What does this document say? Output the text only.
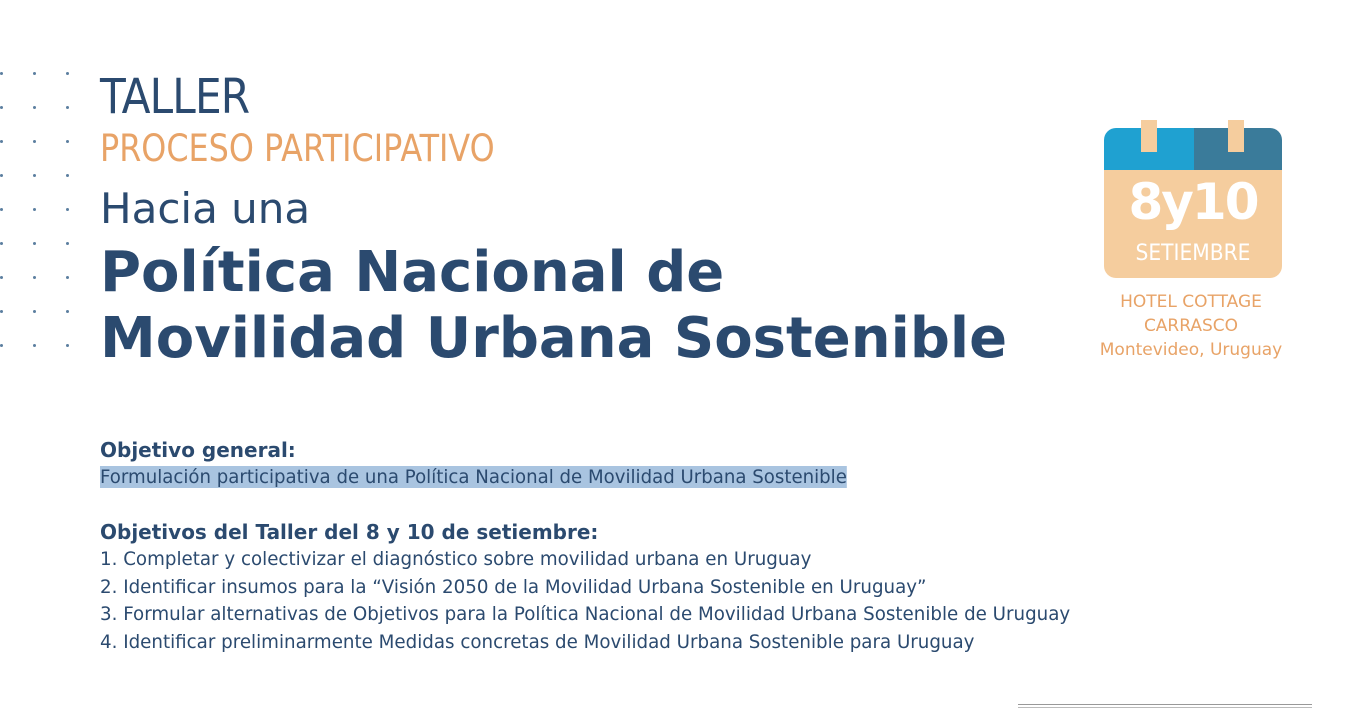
TALLER
PROCESO PARTICIPATIVO
Hacia una
Política Nacional de
Movilidad Urbana Sostenible
8y10
SETIEMBRE
HOTEL COTTAGE
CARRASCO
Montevideo, Uruguay
Objetivo general:
Formulación participativa de una Política Nacional de Movilidad Urbana Sostenible
Objetivos del Taller del 8 y 10 de setiembre:
1. Completar y colectivizar el diagnóstico sobre movilidad urbana en Uruguay
2. Identificar insumos para la “Visión 2050 de la Movilidad Urbana Sostenible en Uruguay”
3. Formular alternativas de Objetivos para la Política Nacional de Movilidad Urbana Sostenible de Uruguay
4. Identificar preliminarmente Medidas concretas de Movilidad Urbana Sostenible para Uruguay
